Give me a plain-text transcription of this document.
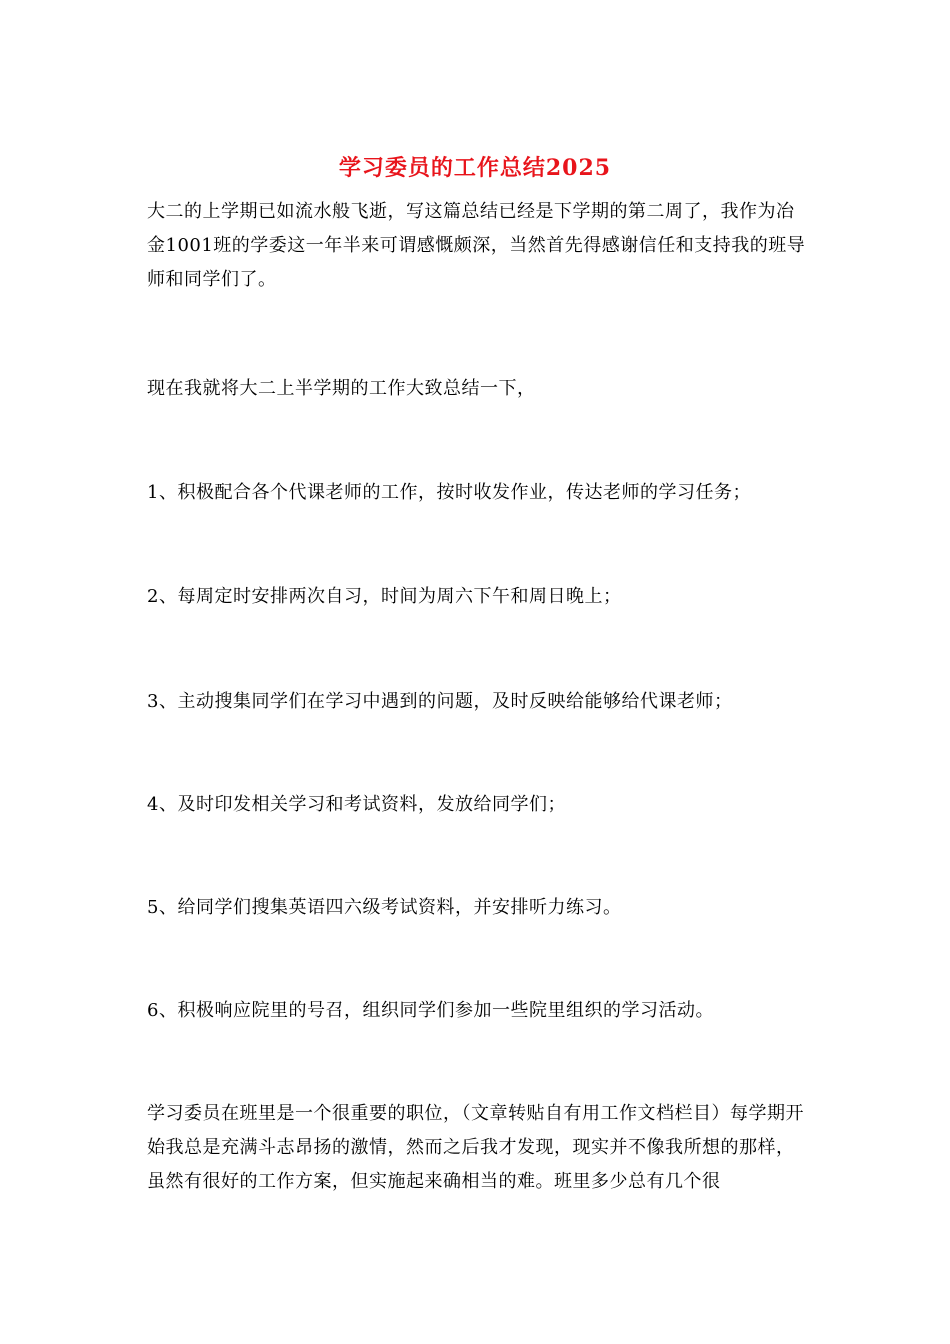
学习委员的工作总结2025

大二的上学期已如流水般飞逝，写这篇总结已经是下学期的第二周了，我作为冶金1001班的学委这一年半来可谓感慨颇深，当然首先得感谢信任和支持我的班导师和同学们了。

现在我就将大二上半学期的工作大致总结一下，

1、积极配合各个代课老师的工作，按时收发作业，传达老师的学习任务；

2、每周定时安排两次自习，时间为周六下午和周日晚上；

3、主动搜集同学们在学习中遇到的问题，及时反映给能够给代课老师；

4、及时印发相关学习和考试资料，发放给同学们；

5、给同学们搜集英语四六级考试资料，并安排听力练习。

6、积极响应院里的号召，组织同学们参加一些院里组织的学习活动。

学习委员在班里是一个很重要的职位，（文章转贴自有用工作文档栏目）每学期开始我总是充满斗志昂扬的激情，然而之后我才发现，现实并不像我所想的那样，虽然有很好的工作方案，但实施起来确相当的难。班里多少总有几个很
